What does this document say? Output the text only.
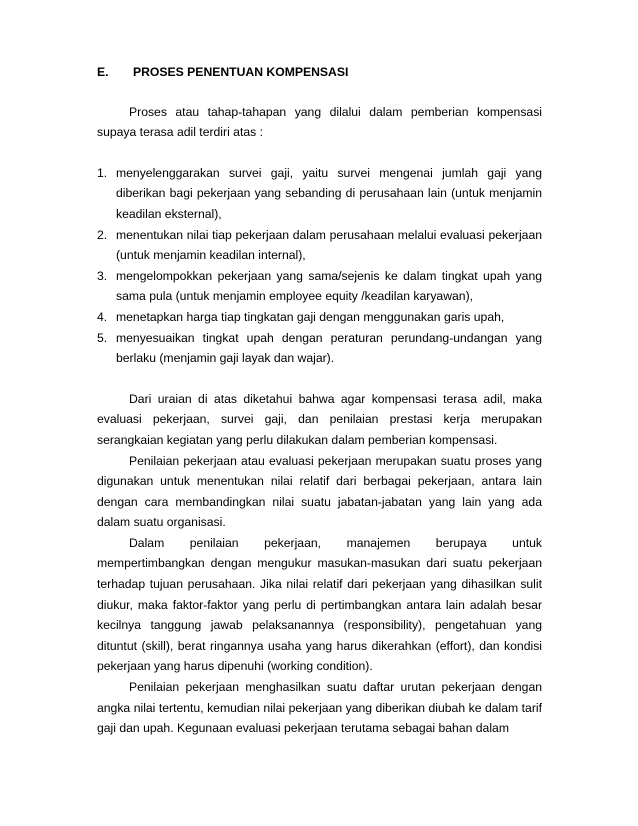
E.	PROSES PENENTUAN KOMPENSASI

Proses atau tahap-tahapan yang dilalui dalam pemberian kompensasi supaya terasa adil terdiri atas :

1. menyelenggarakan survei gaji, yaitu survei mengenai jumlah gaji yang diberikan bagi pekerjaan yang sebanding di perusahaan lain (untuk menjamin keadilan eksternal),
2. menentukan nilai tiap pekerjaan dalam perusahaan melalui evaluasi pekerjaan (untuk menjamin keadilan internal),
3. mengelompokkan pekerjaan yang sama/sejenis ke dalam tingkat upah yang sama pula (untuk menjamin employee equity /keadilan karyawan),
4. menetapkan harga tiap tingkatan gaji dengan menggunakan garis upah,
5. menyesuaikan tingkat upah dengan peraturan perundang-undangan yang berlaku (menjamin gaji layak dan wajar).

Dari uraian di atas diketahui bahwa agar kompensasi terasa adil, maka evaluasi pekerjaan, survei gaji, dan penilaian prestasi kerja merupakan serangkaian kegiatan yang perlu dilakukan dalam pemberian kompensasi.

Penilaian pekerjaan atau evaluasi pekerjaan merupakan suatu proses yang digunakan untuk menentukan nilai relatif dari berbagai pekerjaan, antara lain dengan cara membandingkan nilai suatu jabatan-jabatan yang lain yang ada dalam suatu organisasi.

Dalam penilaian pekerjaan, manajemen berupaya untuk mempertimbangkan dengan mengukur masukan-masukan dari suatu pekerjaan terhadap tujuan perusahaan. Jika nilai relatif dari pekerjaan yang dihasilkan sulit diukur, maka faktor-faktor yang perlu di pertimbangkan antara lain adalah besar kecilnya tanggung jawab pelaksanannya (responsibility), pengetahuan yang dituntut (skill), berat ringannya usaha yang harus dikerahkan (effort), dan kondisi pekerjaan yang harus dipenuhi (working condition).

Penilaian pekerjaan menghasilkan suatu daftar urutan pekerjaan dengan angka nilai tertentu, kemudian nilai pekerjaan yang diberikan diubah ke dalam tarif gaji dan upah. Kegunaan evaluasi pekerjaan terutama sebagai bahan dalam
